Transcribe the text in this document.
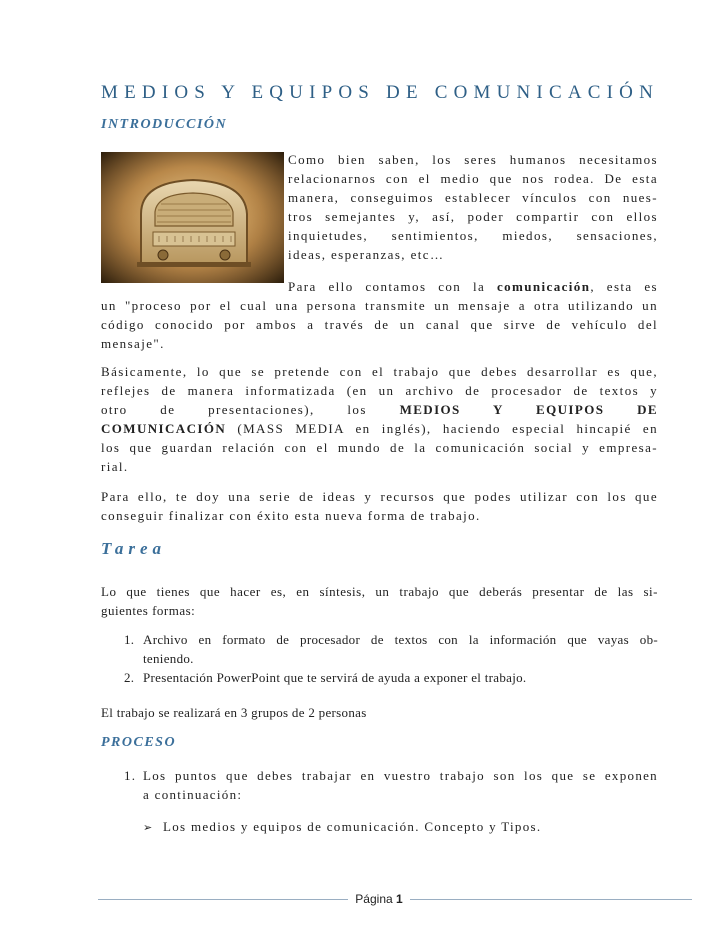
MEDIOS Y EQUIPOS DE COMUNICACIÓN
INTRODUCCIÓN
Como bien saben, los seres humanos necesitamos
relacionarnos con el medio que nos rodea. De esta
manera, conseguimos establecer vínculos con nues-
tros semejantes y, así, poder compartir con ellos
inquietudes, sentimientos, miedos, sensaciones,
ideas, esperanzas, etc…
Para ello contamos con la comunicación, esta es
un "proceso por el cual una persona transmite un mensaje a otra utilizando un
código conocido por ambos a través de un canal que sirve de vehículo del
mensaje".
Básicamente, lo que se pretende con el trabajo que debes desarrollar es que,
reflejes de manera informatizada (en un archivo de procesador de textos y
otro de presentaciones), los MEDIOS Y EQUIPOS DE
COMUNICACIÓN (MASS MEDIA en inglés), haciendo especial hincapié en
los que guardan relación con el mundo de la comunicación social y empresa-
rial.
Para ello, te doy una serie de ideas y recursos que podes utilizar con los que
conseguir finalizar con éxito esta nueva forma de trabajo.
Tarea
Lo que tienes que hacer es, en síntesis, un trabajo que deberás presentar de las si-
guientes formas:
1. Archivo en formato de procesador de textos con la información que vayas ob-
teniendo.
2. Presentación PowerPoint que te servirá de ayuda a exponer el trabajo.
El trabajo se realizará en 3 grupos de 2 personas
PROCESO
1. Los puntos que debes trabajar en vuestro trabajo son los que se exponen
a continuación:
➢ Los medios y equipos de comunicación. Concepto y Tipos.
Página 1
